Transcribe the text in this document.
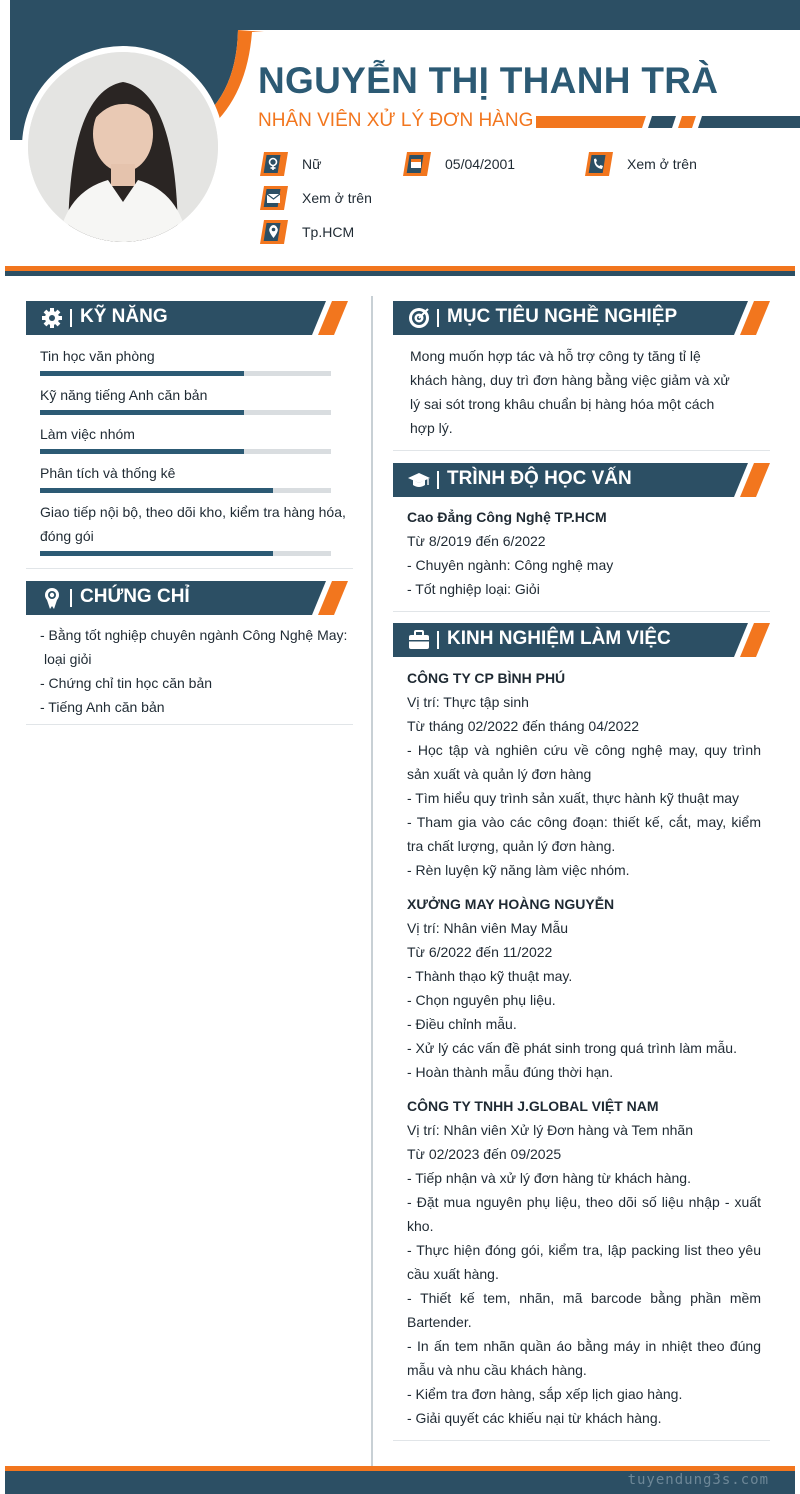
NGUYỄN THỊ THANH TRÀ
NHÂN VIÊN XỬ LÝ ĐƠN HÀNG
Nữ	05/04/2001	Xem ở trên
Xem ở trên
Tp.HCM
KỸ NĂNG
Tin học văn phòng
Kỹ năng tiếng Anh căn bản
Làm việc nhóm
Phân tích và thống kê
Giao tiếp nội bộ, theo dõi kho, kiểm tra hàng hóa, đóng gói
CHỨNG CHỈ
- Bằng tốt nghiệp chuyên ngành Công Nghệ May:
loại giỏi
- Chứng chỉ tin học căn bản
- Tiếng Anh căn bản
MỤC TIÊU NGHỀ NGHIỆP
Mong muốn hợp tác và hỗ trợ công ty tăng tỉ lệ khách hàng, duy trì đơn hàng bằng việc giảm và xử lý sai sót trong khâu chuẩn bị hàng hóa một cách hợp lý.
TRÌNH ĐỘ HỌC VẤN
Cao Đẳng Công Nghệ TP.HCM
Từ 8/2019 đến 6/2022
- Chuyên ngành: Công nghệ may
- Tốt nghiệp loại: Giỏi
KINH NGHIỆM LÀM VIỆC
CÔNG TY CP BÌNH PHÚ
Vị trí: Thực tập sinh
Từ tháng 02/2022 đến tháng 04/2022
- Học tập và nghiên cứu về công nghệ may, quy trình sản xuất và quản lý đơn hàng
- Tìm hiểu quy trình sản xuất, thực hành kỹ thuật may
- Tham gia vào các công đoạn: thiết kế, cắt, may, kiểm tra chất lượng, quản lý đơn hàng.
- Rèn luyện kỹ năng làm việc nhóm.
XƯỞNG MAY HOÀNG NGUYỄN
Vị trí: Nhân viên May Mẫu
Từ 6/2022 đến 11/2022
- Thành thạo kỹ thuật may.
- Chọn nguyên phụ liệu.
- Điều chỉnh mẫu.
- Xử lý các vấn đề phát sinh trong quá trình làm mẫu.
- Hoàn thành mẫu đúng thời hạn.
CÔNG TY TNHH J.GLOBAL VIỆT NAM
Vị trí: Nhân viên Xử lý Đơn hàng và Tem nhãn
Từ 02/2023 đến 09/2025
- Tiếp nhận và xử lý đơn hàng từ khách hàng.
- Đặt mua nguyên phụ liệu, theo dõi số liệu nhập - xuất kho.
- Thực hiện đóng gói, kiểm tra, lập packing list theo yêu cầu xuất hàng.
- Thiết kế tem, nhãn, mã barcode bằng phần mềm Bartender.
- In ấn tem nhãn quần áo bằng máy in nhiệt theo đúng mẫu và nhu cầu khách hàng.
- Kiểm tra đơn hàng, sắp xếp lịch giao hàng.
- Giải quyết các khiếu nại từ khách hàng.
tuyendung3s.com
